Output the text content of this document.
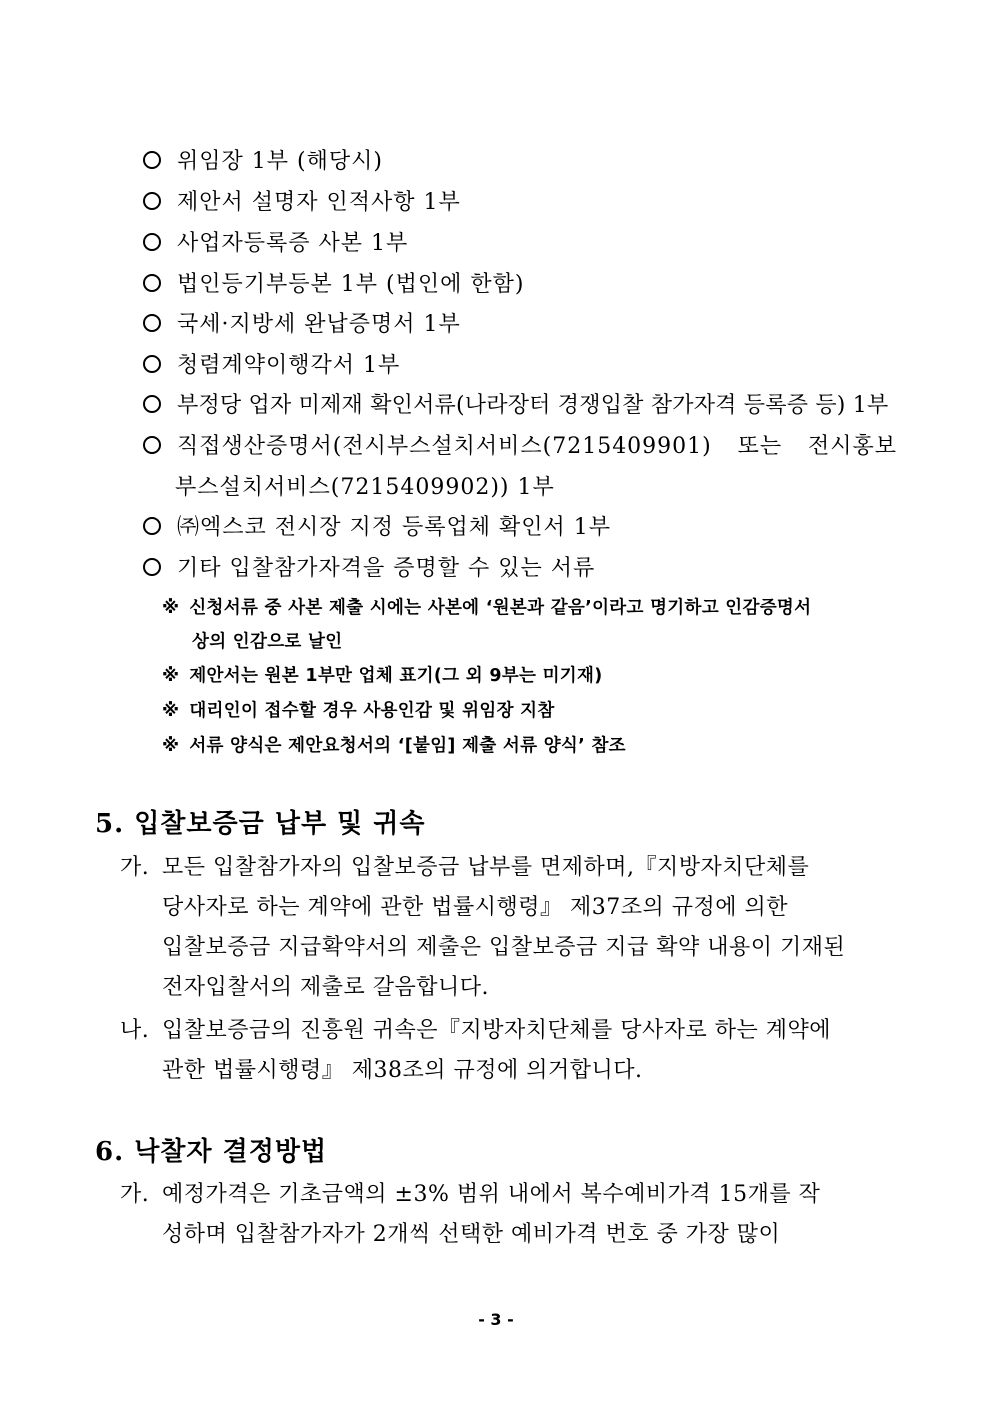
위임장 1부 (해당시)
제안서 설명자 인적사항 1부
사업자등록증 사본 1부
법인등기부등본 1부 (법인에 한함)
국세·지방세 완납증명서 1부
청렴계약이행각서 1부
부정당 업자 미제재 확인서류(나라장터 경쟁입찰 참가자격 등록증 등) 1부
직접생산증명서(전시부스설치서비스(7215409901) 또는 전시홍보
부스설치서비스(7215409902)) 1부
㈜엑스코 전시장 지정 등록업체 확인서 1부
기타 입찰참가자격을 증명할 수 있는 서류
※ 신청서류 중 사본 제출 시에는 사본에 ‘원본과 같음’이라고 명기하고 인감증명서
상의 인감으로 날인
※ 제안서는 원본 1부만 업체 표기(그 외 9부는 미기재)
※ 대리인이 접수할 경우 사용인감 및 위임장 지참
※ 서류 양식은 제안요청서의 ‘[붙임] 제출 서류 양식’ 참조
5. 입찰보증금 납부 및 귀속
가. 모든 입찰참가자의 입찰보증금 납부를 면제하며,『지방자치단체를
당사자로 하는 계약에 관한 법률시행령』 제37조의 규정에 의한
입찰보증금 지급확약서의 제출은 입찰보증금 지급 확약 내용이 기재된
전자입찰서의 제출로 갈음합니다.
나. 입찰보증금의 진흥원 귀속은『지방자치단체를 당사자로 하는 계약에
관한 법률시행령』 제38조의 규정에 의거합니다.
6. 낙찰자 결정방법
가. 예정가격은 기초금액의 ±3% 범위 내에서 복수예비가격 15개를 작
성하며 입찰참가자가 2개씩 선택한 예비가격 번호 중 가장 많이
- 3 -
